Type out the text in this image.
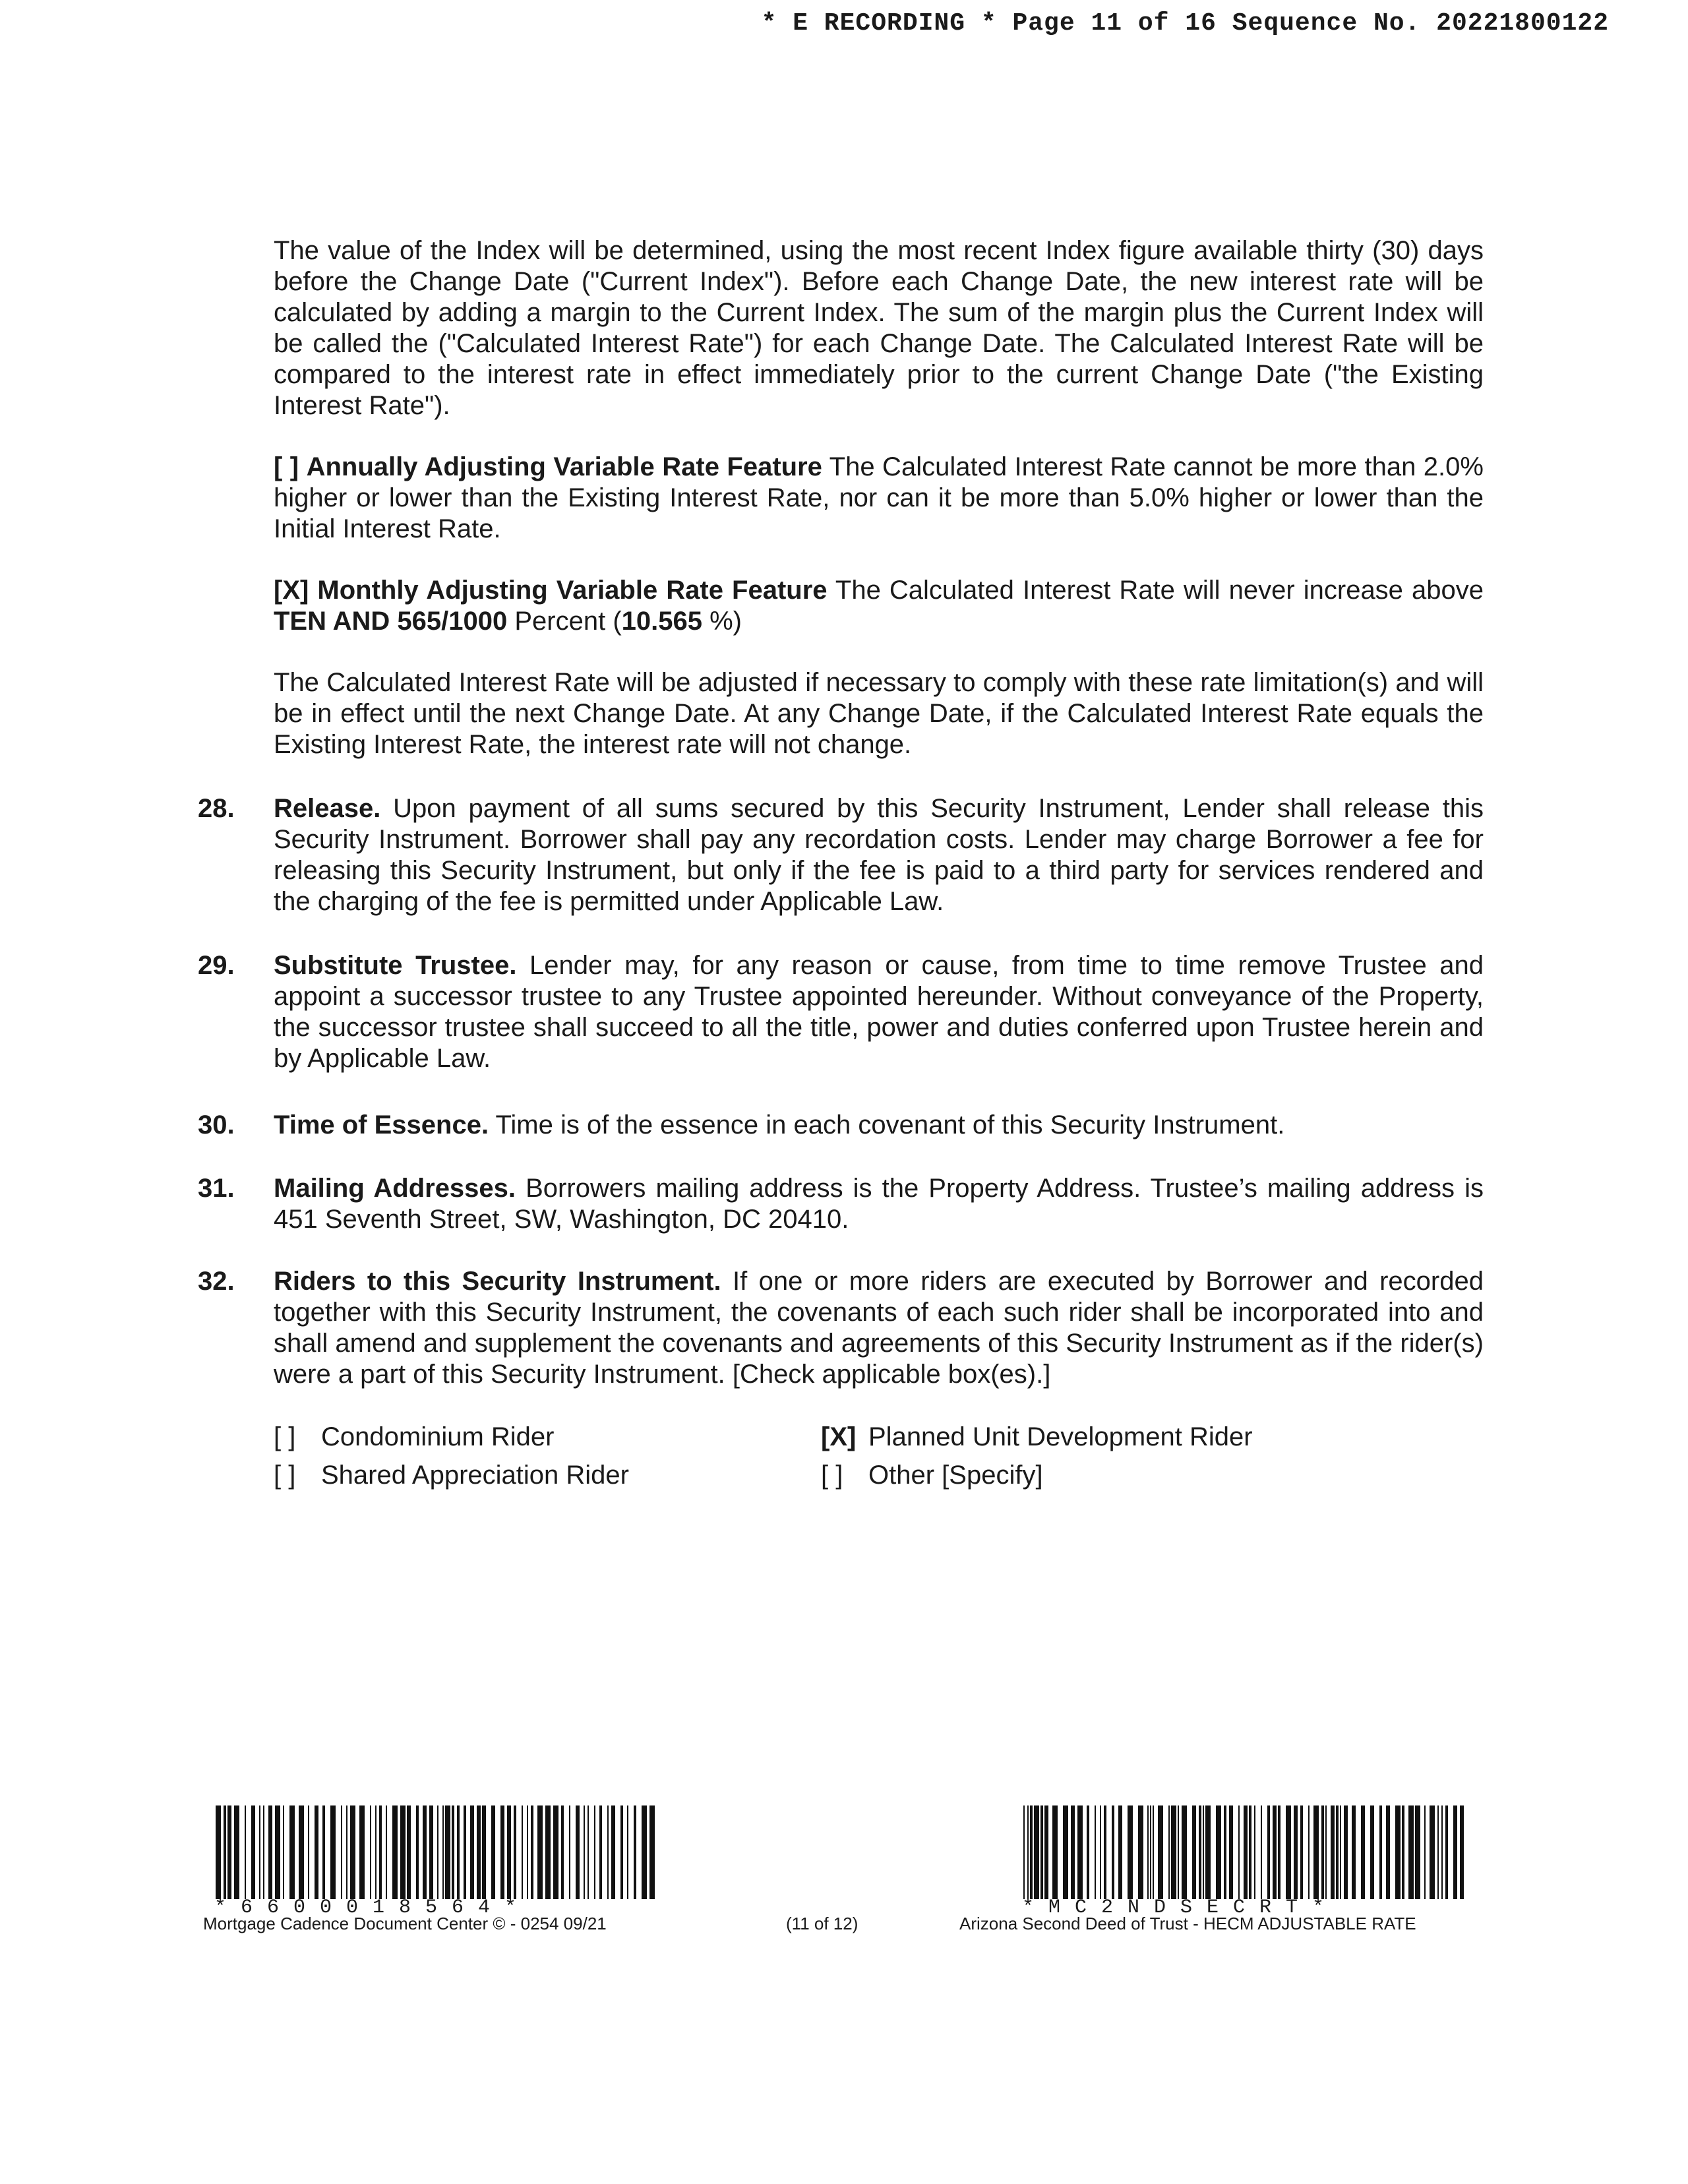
* E RECORDING * Page 11 of 16 Sequence No. 20221800122

The value of the Index will be determined, using the most recent Index figure available thirty (30) days before the Change Date ("Current Index"). Before each Change Date, the new interest rate will be calculated by adding a margin to the Current Index. The sum of the margin plus the Current Index will be called the ("Calculated Interest Rate") for each Change Date. The Calculated Interest Rate will be compared to the interest rate in effect immediately prior to the current Change Date ("the Existing Interest Rate").

[ ] Annually Adjusting Variable Rate Feature The Calculated Interest Rate cannot be more than 2.0% higher or lower than the Existing Interest Rate, nor can it be more than 5.0% higher or lower than the Initial Interest Rate.

[X] Monthly Adjusting Variable Rate Feature The Calculated Interest Rate will never increase above TEN AND 565/1000 Percent (10.565 %)

The Calculated Interest Rate will be adjusted if necessary to comply with these rate limitation(s) and will be in effect until the next Change Date. At any Change Date, if the Calculated Interest Rate equals the Existing Interest Rate, the interest rate will not change.

28.	Release. Upon payment of all sums secured by this Security Instrument, Lender shall release this Security Instrument. Borrower shall pay any recordation costs. Lender may charge Borrower a fee for releasing this Security Instrument, but only if the fee is paid to a third party for services rendered and the charging of the fee is permitted under Applicable Law.
29.	Substitute Trustee. Lender may, for any reason or cause, from time to time remove Trustee and appoint a successor trustee to any Trustee appointed hereunder. Without conveyance of the Property, the successor trustee shall succeed to all the title, power and duties conferred upon Trustee herein and by Applicable Law.
30.	Time of Essence. Time is of the essence in each covenant of this Security Instrument.
31.	Mailing Addresses. Borrowers mailing address is the Property Address. Trustee’s mailing address is 451 Seventh Street, SW, Washington, DC 20410.
32.	Riders to this Security Instrument. If one or more riders are executed by Borrower and recorded together with this Security Instrument, the covenants of each such rider shall be incorporated into and shall amend and supplement the covenants and agreements of this Security Instrument as if the rider(s) were a part of this Security Instrument. [Check applicable box(es).]
[ ] Condominium Rider	[X] Planned Unit Development Rider
[ ] Shared Appreciation Rider	[ ] Other [Specify]
*6600018564*
Mortgage Cadence Document Center © - 0254 09/21	(11 of 12)
*MC2NDSECRT*
Arizona Second Deed of Trust - HECM ADJUSTABLE RATE
